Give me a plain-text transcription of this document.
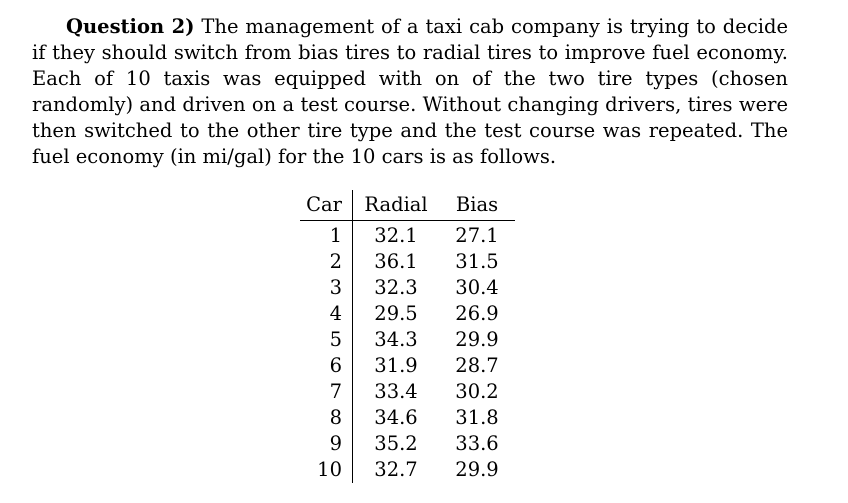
Question 2) The management of a taxi cab company is trying to decide if they should switch from bias tires to radial tires to improve fuel economy. Each of 10 taxis was equipped with on of the two tire types (chosen randomly) and driven on a test course. Without changing drivers, tires were then switched to the other tire type and the test course was repeated. The fuel economy (in mi/gal) for the 10 cars is as follows.

Car	Radial	Bias
1	32.1	27.1
2	36.1	31.5
3	32.3	30.4
4	29.5	26.9
5	34.3	29.9
6	31.9	28.7
7	33.4	30.2
8	34.6	31.8
9	35.2	33.6
10	32.7	29.9
